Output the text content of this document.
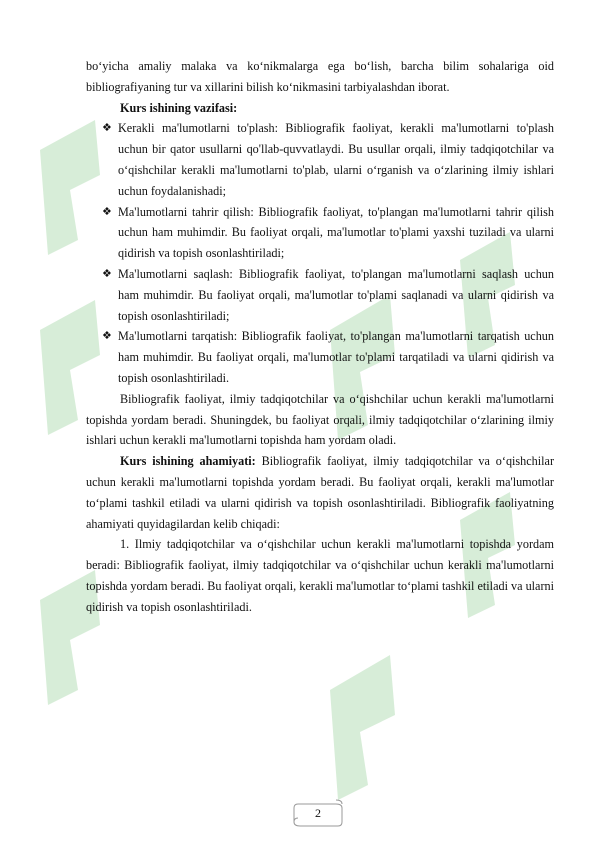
bo‘yicha amaliy malaka va ko‘nikmalarga ega bo‘lish, barcha bilim sohalariga oid bibliografiyaning tur va xillarini bilish ko‘nikmasini tarbiyalashdan iborat.

Kurs ishining vazifasi:

❖ Kerakli ma'lumotlarni to'plash: Bibliografik faoliyat, kerakli ma'lumotlarni to'plash uchun bir qator usullarni qo'llab-quvvatlaydi. Bu usullar orqali, ilmiy tadqiqotchilar va o‘qishchilar kerakli ma'lumotlarni to'plab, ularni o‘rganish va o‘zlarining ilmiy ishlari uchun foydalanishadi;
❖ Ma'lumotlarni tahrir qilish: Bibliografik faoliyat, to'plangan ma'lumotlarni tahrir qilish uchun ham muhimdir. Bu faoliyat orqali, ma'lumotlar to'plami yaxshi tuziladi va ularni qidirish va topish osonlashtiriladi;
❖ Ma'lumotlarni saqlash: Bibliografik faoliyat, to'plangan ma'lumotlarni saqlash uchun ham muhimdir. Bu faoliyat orqali, ma'lumotlar to'plami saqlanadi va ularni qidirish va topish osonlashtiriladi;
❖ Ma'lumotlarni tarqatish: Bibliografik faoliyat, to'plangan ma'lumotlarni tarqatish uchun ham muhimdir. Bu faoliyat orqali, ma'lumotlar to'plami tarqatiladi va ularni qidirish va topish osonlashtiriladi.

Bibliografik faoliyat, ilmiy tadqiqotchilar va o‘qishchilar uchun kerakli ma'lumotlarni topishda yordam beradi. Shuningdek, bu faoliyat orqali, ilmiy tadqiqotchilar o‘zlarining ilmiy ishlari uchun kerakli ma'lumotlarni topishda ham yordam oladi.

Kurs ishining ahamiyati: Bibliografik faoliyat, ilmiy tadqiqotchilar va o‘qishchilar uchun kerakli ma'lumotlarni topishda yordam beradi. Bu faoliyat orqali, kerakli ma'lumotlar to‘plami tashkil etiladi va ularni qidirish va topish osonlashtiriladi. Bibliografik faoliyatning ahamiyati quyidagilardan kelib chiqadi:

1. Ilmiy tadqiqotchilar va o‘qishchilar uchun kerakli ma'lumotlarni topishda yordam beradi: Bibliografik faoliyat, ilmiy tadqiqotchilar va o‘qishchilar uchun kerakli ma'lumotlarni topishda yordam beradi. Bu faoliyat orqali, kerakli ma'lumotlar to‘plami tashkil etiladi va ularni qidirish va topish osonlashtiriladi.

2
